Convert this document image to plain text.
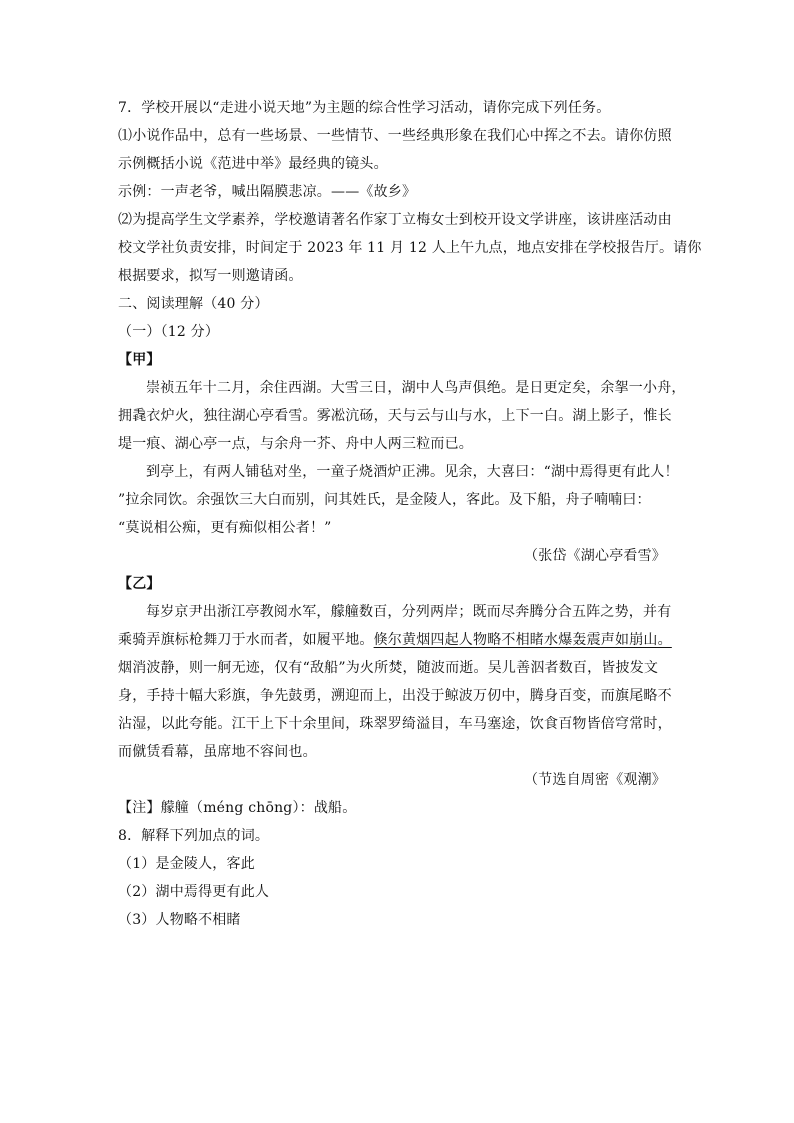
7．学校开展以“走进小说天地”为主题的综合性学习活动，请你完成下列任务。
⑴小说作品中，总有一些场景、一些情节、一些经典形象在我们心中挥之不去。请你仿照
示例概括小说《范进中举》最经典的镜头。
示例：一声老爷，喊出隔膜悲凉。——《故乡》
⑵为提高学生文学素养，学校邀请著名作家丁立梅女士到校开设文学讲座，该讲座活动由
校文学社负责安排，时间定于 2023 年 11 月 12 人上午九点，地点安排在学校报告厅。请你
根据要求，拟写一则邀请函。
二、阅读理解（40 分）
（一）（12 分）
【甲】
崇祯五年十二月，余住西湖。大雪三日，湖中人鸟声俱绝。是日更定矣，余挐一小舟，
拥毳衣炉火，独往湖心亭看雪。雾凇沆砀，天与云与山与水，上下一白。湖上影子，惟长
堤一痕、湖心亭一点，与余舟一芥、舟中人两三粒而已。
到亭上，有两人铺毡对坐，一童子烧酒炉正沸。见余，大喜曰：“湖中焉得更有此人！
”拉余同饮。余强饮三大白而别，问其姓氏，是金陵人，客此。及下船，舟子喃喃曰：
“莫说相公痴，更有痴似相公者！”
（张岱《湖心亭看雪》
【乙】
每岁京尹出浙江亭教阅水军，艨艟数百，分列两岸；既而尽奔腾分合五阵之势，并有
乘骑弄旗标枪舞刀于水而者，如履平地。倏尔黄烟四起人物略不相睹水爆轰震声如崩山。
烟消波静，则一舸无迹，仅有“敌船”为火所焚，随波而逝。吴儿善泅者数百，皆披发文
身，手持十幅大彩旗，争先鼓勇，溯迎而上，出没于鲸波万仞中，腾身百变，而旗尾略不
沾湿，以此夸能。江干上下十余里间，珠翠罗绮溢目，车马塞途，饮食百物皆倍穹常时，
而僦赁看幕，虽席地不容间也。
（节选自周密《观潮》
【注】艨艟（méng chōng）：战船。
8．解释下列加点的词。
（1）是金陵人，客此
（2）湖中焉得更有此人
（3）人物略不相睹
